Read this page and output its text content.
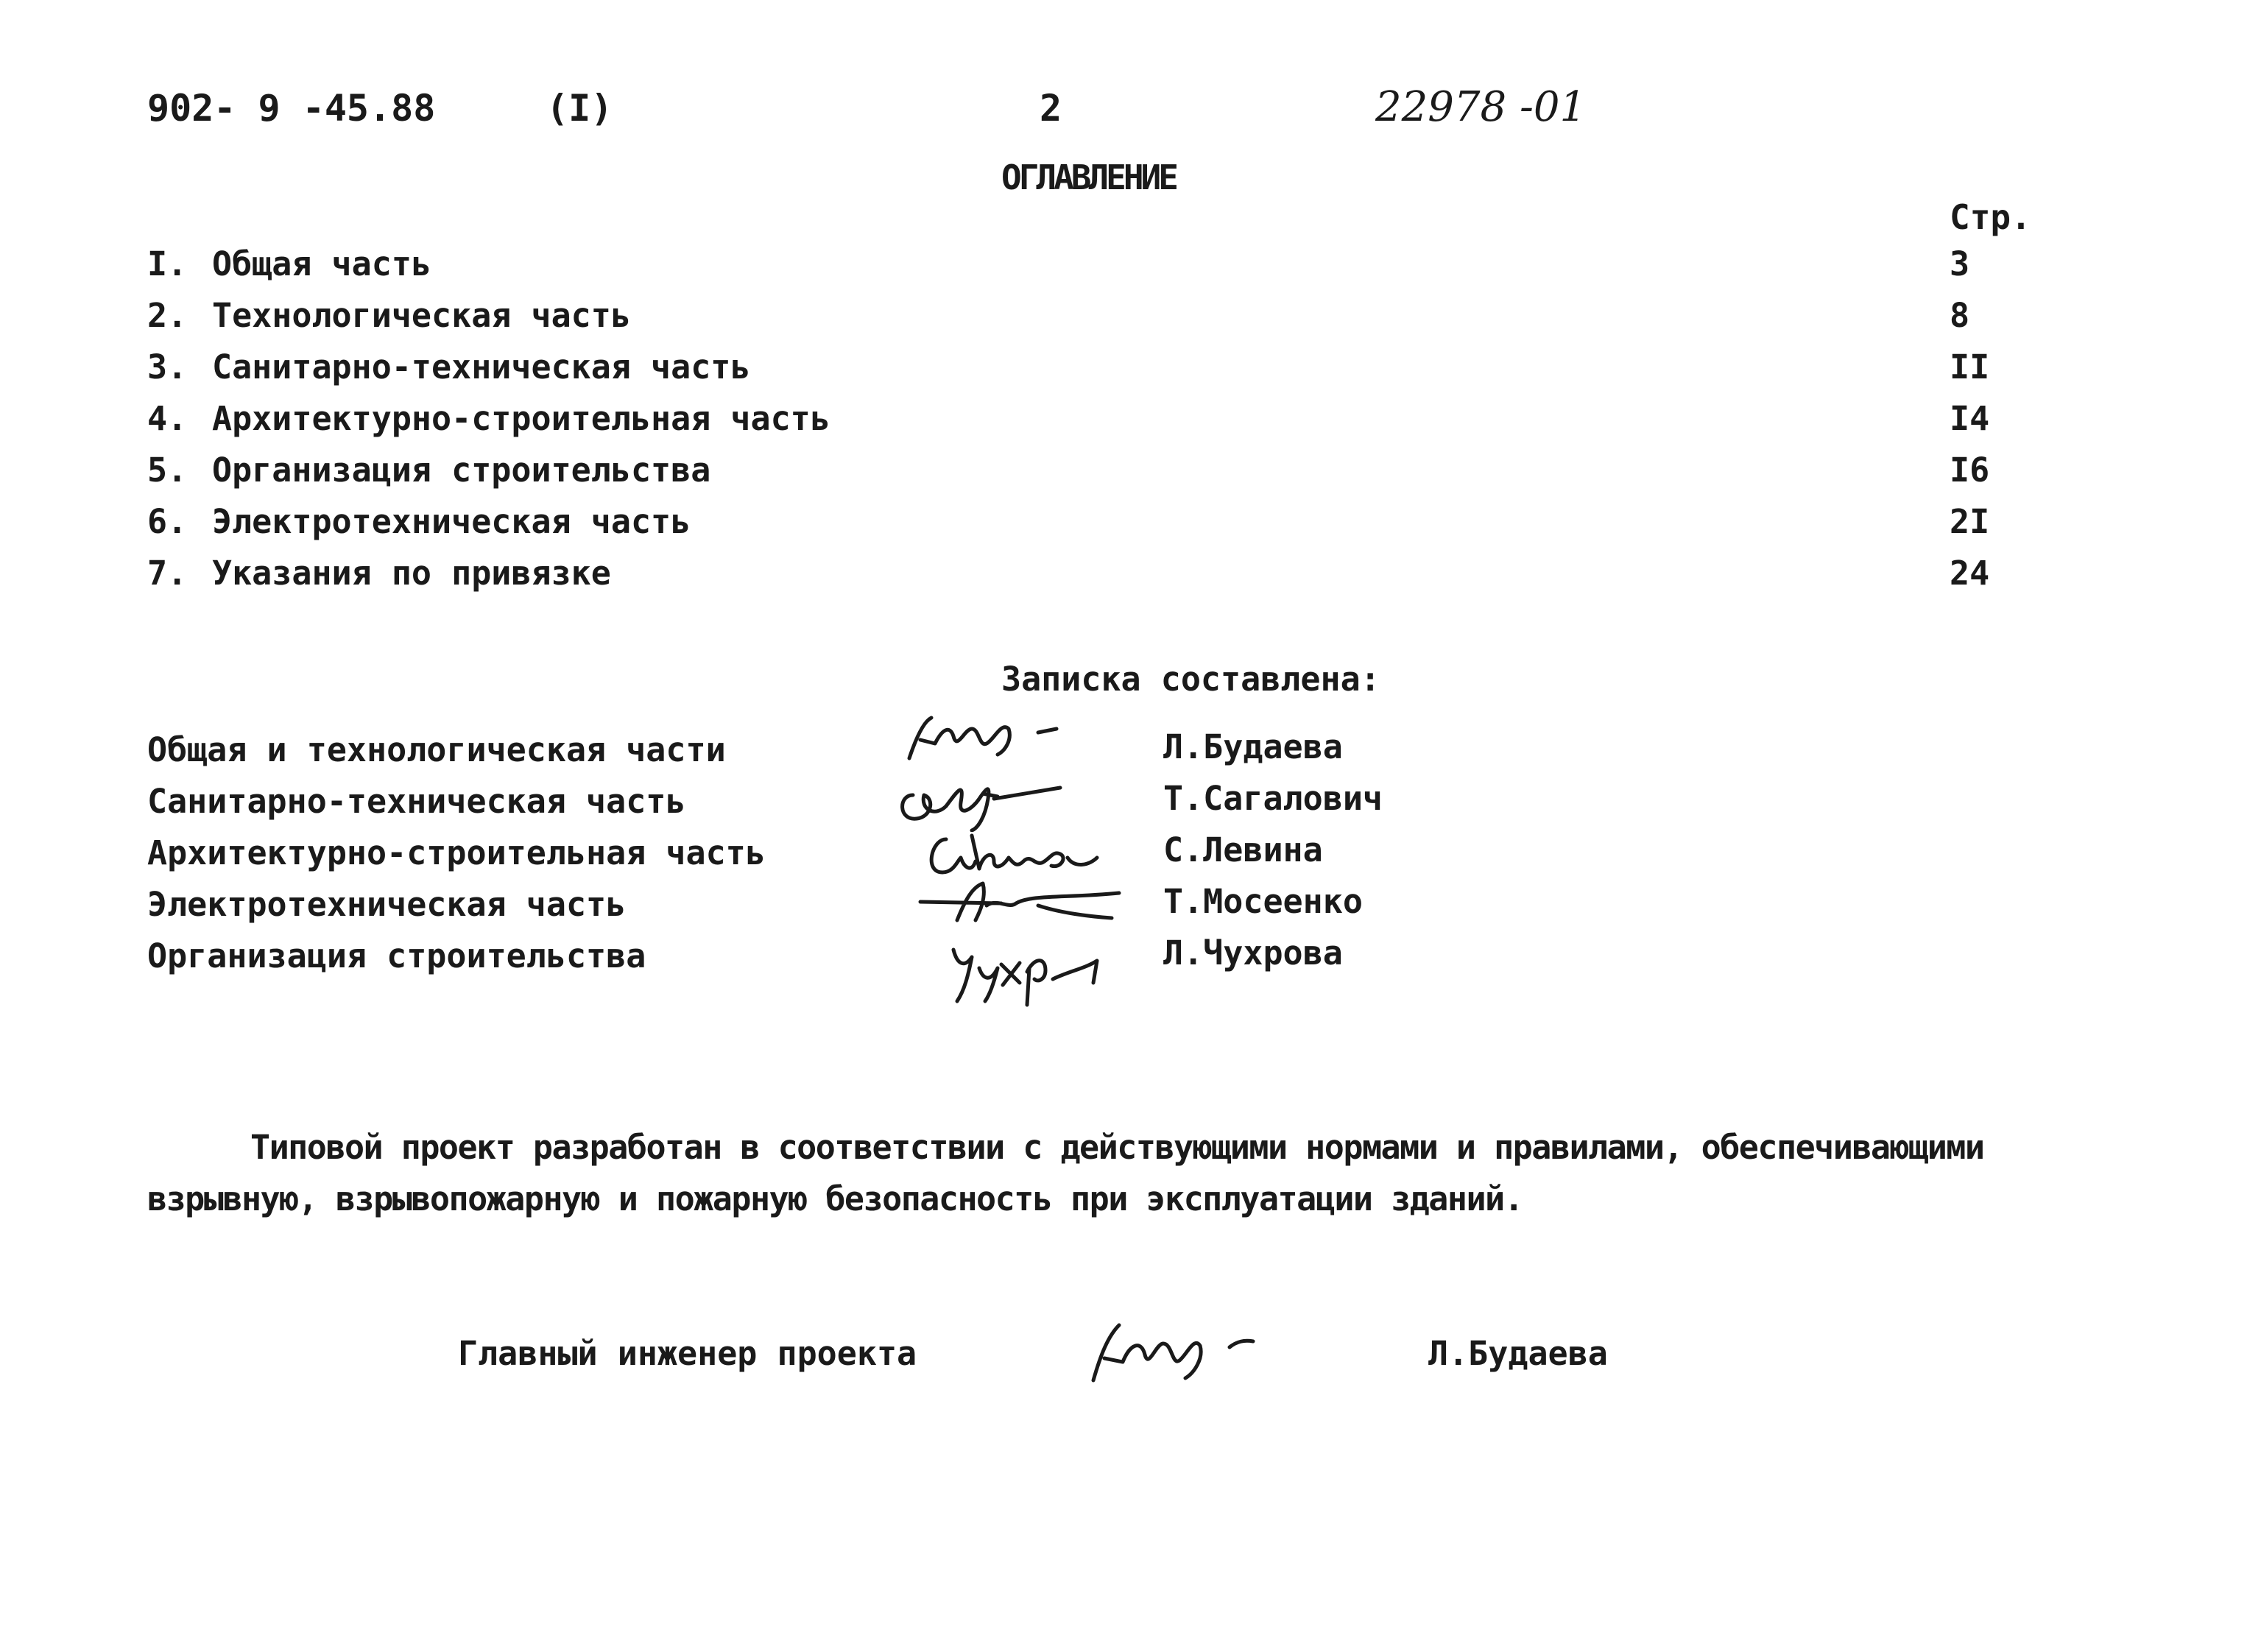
902- 9 -45.88	(I)	2	22978 -01
ОГЛАВЛЕНИЕ
Стр.
I. Общая часть	3
2. Технологическая часть	8
3. Санитарно-техническая часть	II
4. Архитектурно-строительная часть	I4
5. Организация строительства	I6
6. Электротехническая часть	2I
7. Указания по привязке	24
Записка составлена:
Общая и технологическая части	Л.Будаева
Санитарно-техническая часть	Т.Сагалович
Архитектурно-строительная часть	С.Левина
Электротехническая часть	Т.Мосеенко
Организация строительства	Л.Чухрова
Типовой проект разработан в соответствии с действующими нормами и правилами, обеспечивающими
взрывную, взрывопожарную и пожарную безопасность при эксплуатации зданий.
Главный инженер проекта	Л.Будаева
